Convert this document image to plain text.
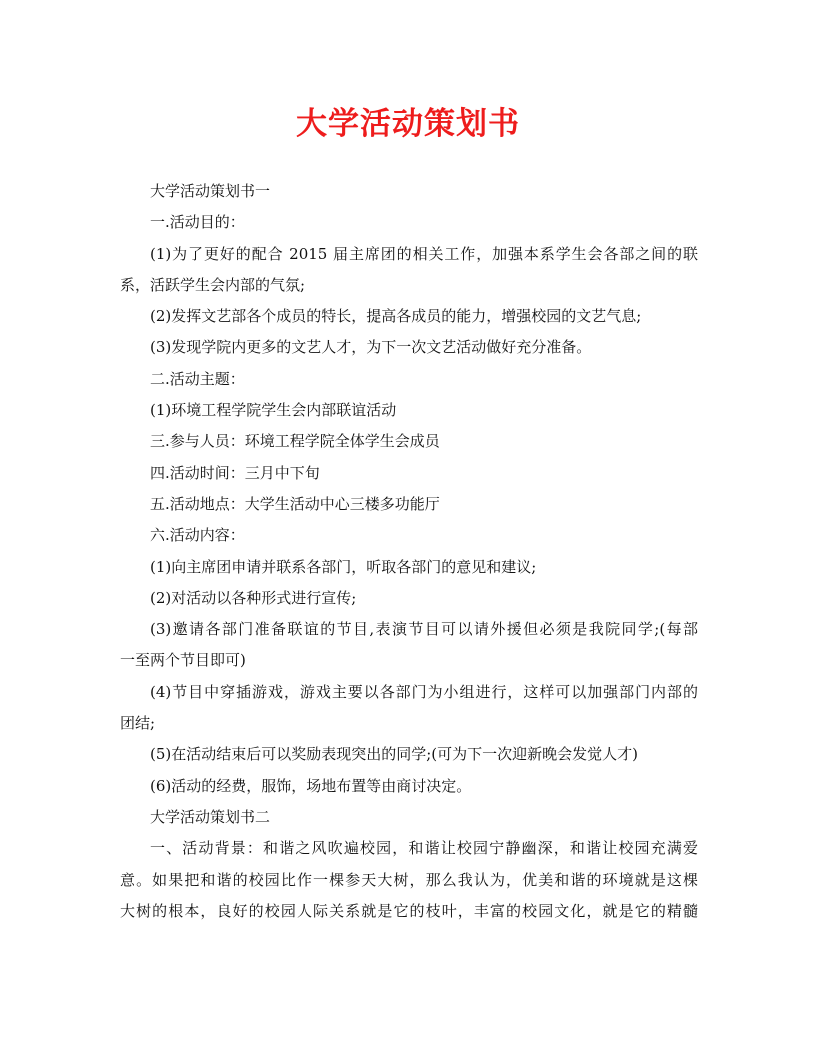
大学活动策划书
大学活动策划书一
一.活动目的：
(1)为了更好的配合 2015 届主席团的相关工作，加强本系学生会各部之间的联
系，活跃学生会内部的气氛;
(2)发挥文艺部各个成员的特长，提高各成员的能力，增强校园的文艺气息;
(3)发现学院内更多的文艺人才，为下一次文艺活动做好充分准备。
二.活动主题：
(1)环境工程学院学生会内部联谊活动
三.参与人员：环境工程学院全体学生会成员
四.活动时间：三月中下旬
五.活动地点：大学生活动中心三楼多功能厅
六.活动内容：
(1)向主席团申请并联系各部门，听取各部门的意见和建议;
(2)对活动以各种形式进行宣传;
(3)邀请各部门准备联谊的节目,表演节目可以请外援但必须是我院同学;(每部
一至两个节目即可)
(4)节目中穿插游戏，游戏主要以各部门为小组进行，这样可以加强部门内部的
团结;
(5)在活动结束后可以奖励表现突出的同学;(可为下一次迎新晚会发觉人才)
(6)活动的经费，服饰，场地布置等由商讨决定。
大学活动策划书二
一、活动背景：和谐之风吹遍校园，和谐让校园宁静幽深，和谐让校园充满爱
意。如果把和谐的校园比作一棵参天大树，那么我认为，优美和谐的环境就是这棵
大树的根本，良好的校园人际关系就是它的枝叶，丰富的校园文化，就是它的精髓
